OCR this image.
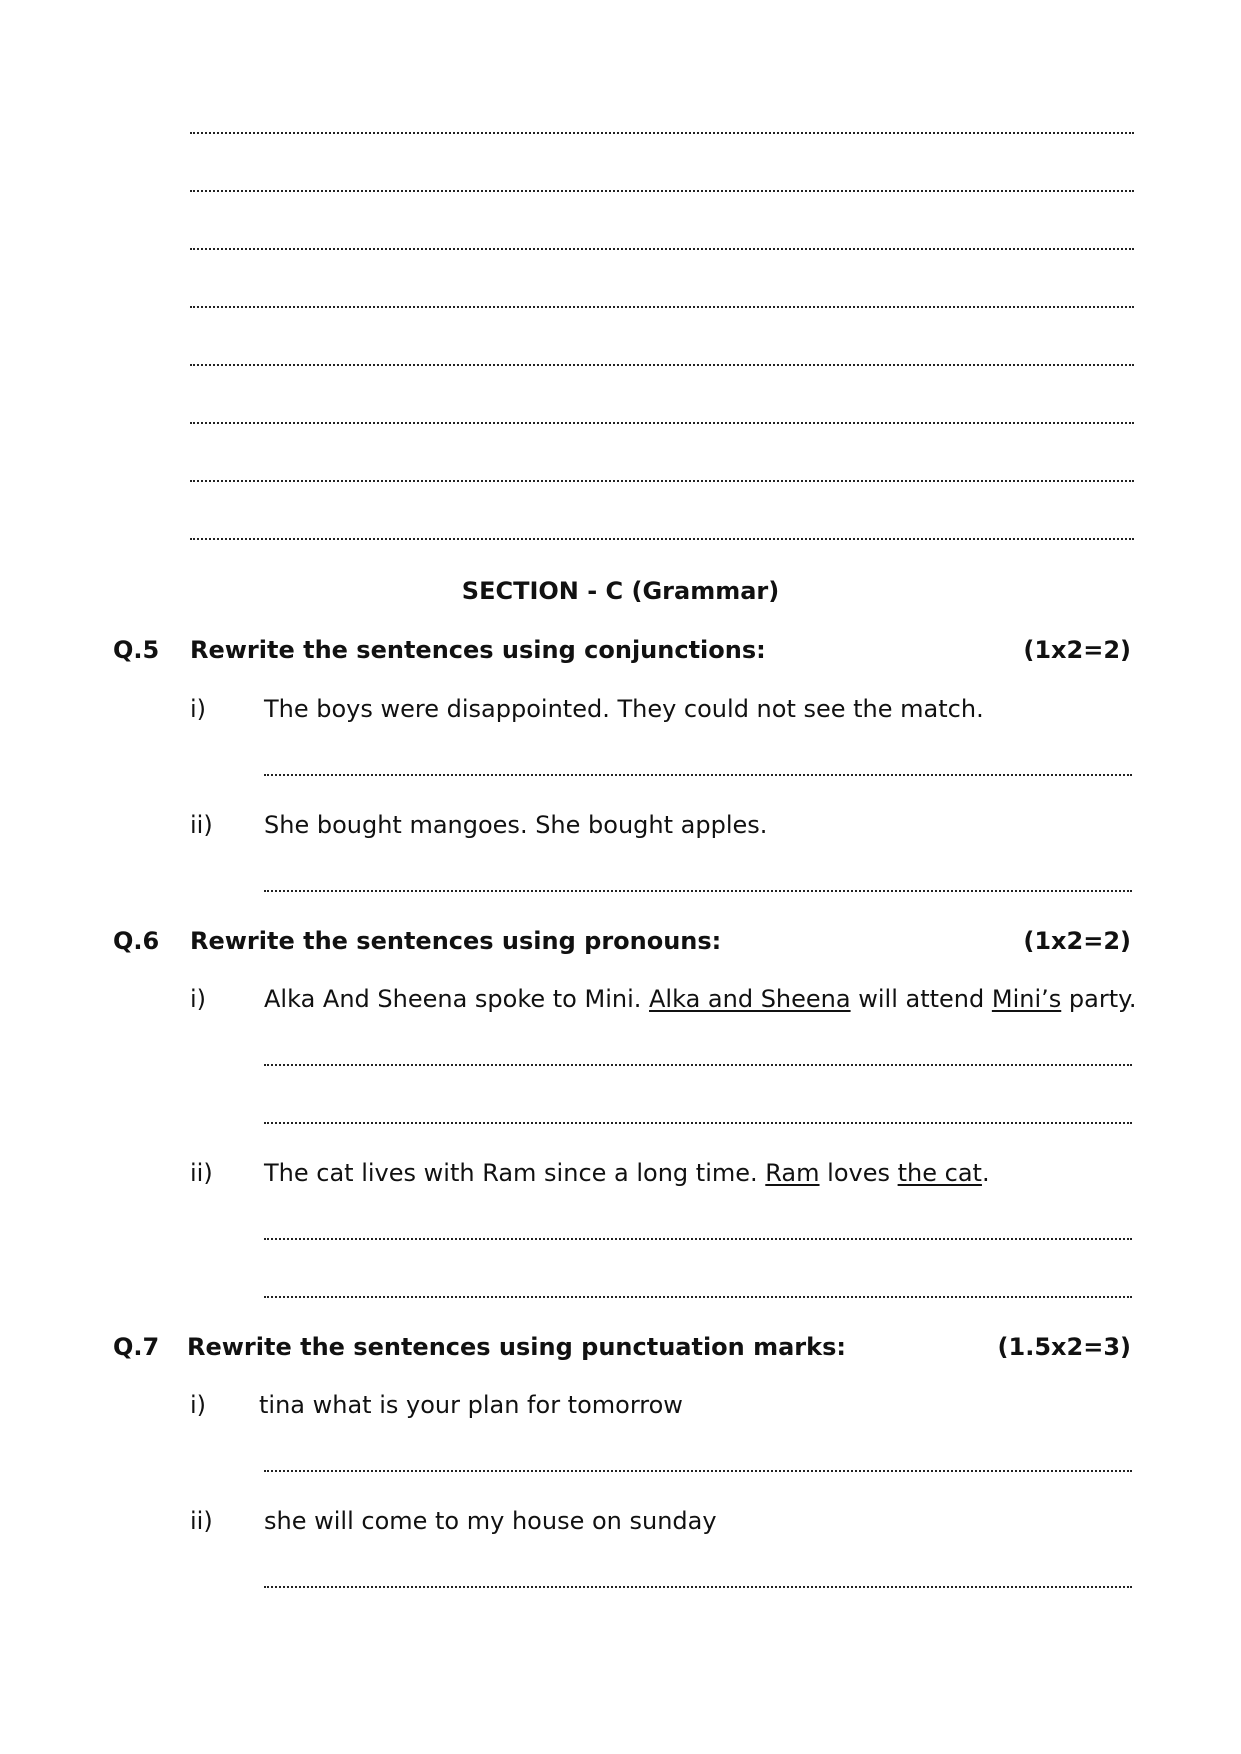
SECTION - C (Grammar)
Q.5 Rewrite the sentences using conjunctions:	(1x2=2)
i) The boys were disappointed. They could not see the match.
ii) She bought mangoes. She bought apples.
Q.6 Rewrite the sentences using pronouns:	(1x2=2)
i) Alka And Sheena spoke to Mini. Alka and Sheena will attend Mini’s party.
ii) The cat lives with Ram since a long time. Ram loves the cat.
Q.7 Rewrite the sentences using punctuation marks:	(1.5x2=3)
i) tina what is your plan for tomorrow
ii) she will come to my house on sunday
